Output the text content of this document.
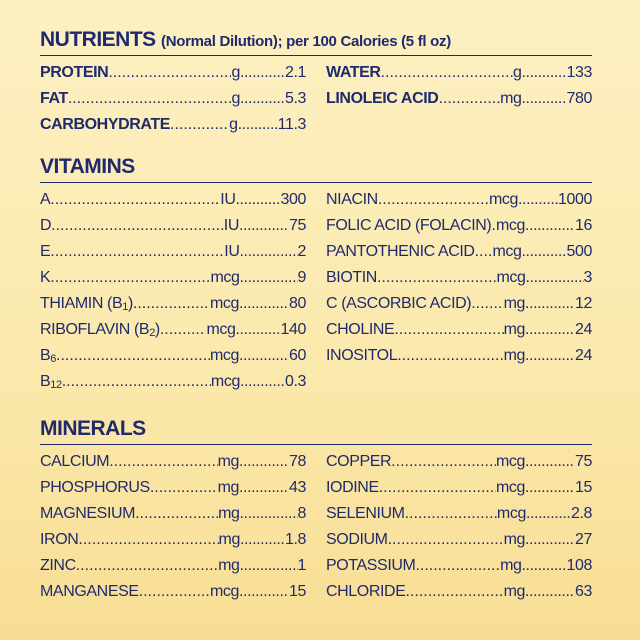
NUTRIENTS (Normal Dilution); per 100 Calories (5 fl oz)
PROTEIN .....	g .....	2.1
FAT .....	g .....	5.3
CARBOHYDRATE .....	g .....	11.3
WATER .....	g .....	133
LINOLEIC ACID .....	mg .....	780
VITAMINS
A .....	IU .....	300
D .....	IU .....	75
E .....	IU .....	2
K .....	mcg .....	9
THIAMIN $(B_1)$ .....	mcg .....	80
RIBOFLAVIN $(B_2)$ .....	mcg .....	140
$B_6$ .....	mcg .....	60
$B_{12}$ .....	mcg .....	0.3
NIACIN .....	mcg .....	1000
FOLIC ACID (FOLACIN) ..... mcg .....	16
PANTOTHENIC ACID ..... mcg .....	500
BIOTIN .....	mcg .....	3
C (ASCORBIC ACID) ..... mg .....	12
CHOLINE .....	mg .....	24
INOSITOL .....	mg .....	24
MINERALS
CALCIUM .....	mg .....	78
PHOSPHORUS .....	mg .....	43
MAGNESIUM .....	mg .....	8
IRON .....	mg .....	1.8
ZINC .....	mg .....	1
MANGANESE .....	mcg .....	15
COPPER .....	mcg .....	75
IODINE .....	mcg .....	15
SELENIUM .....	mcg .....	2.8
SODIUM .....	mg .....	27
POTASSIUM .....	mg .....	108
CHLORIDE .....	mg .....	63
